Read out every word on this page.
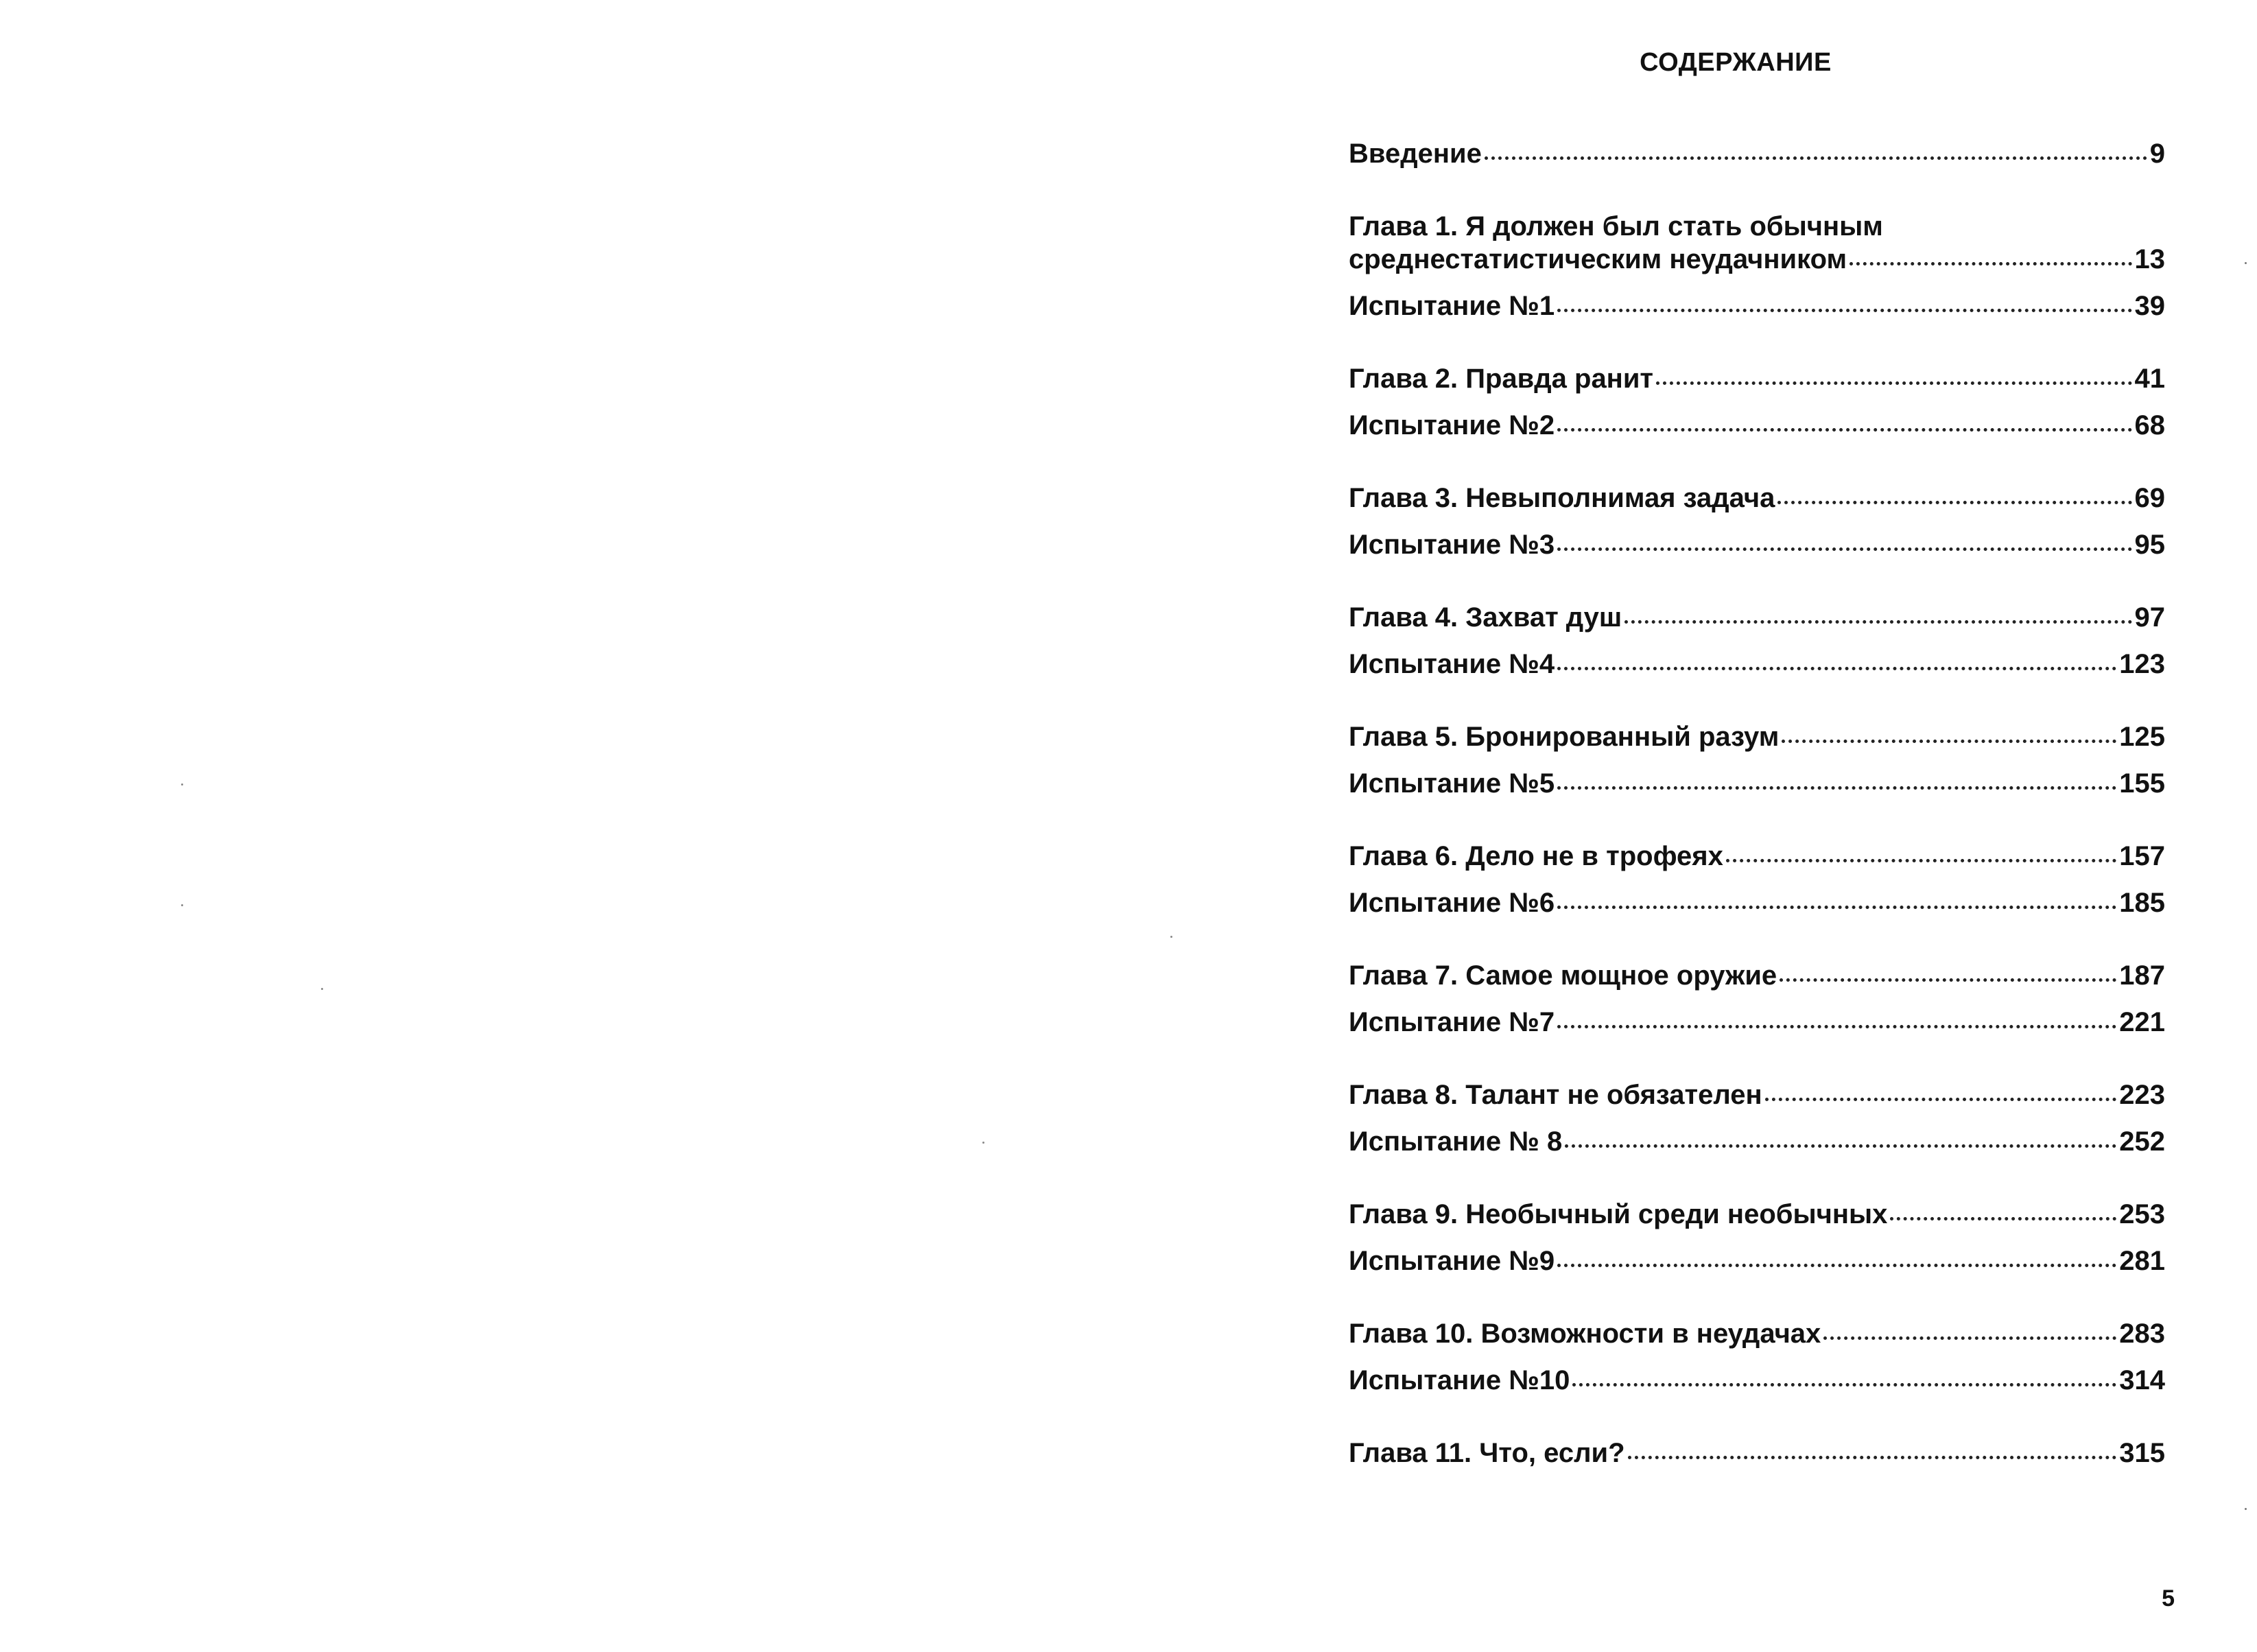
СОДЕРЖАНИЕ
Введение	9
Глава 1. Я должен был стать обычным
среднестатистическим неудачником	13
Испытание №1	39
Глава 2. Правда ранит	41
Испытание №2	68
Глава 3. Невыполнимая задача	69
Испытание №3	95
Глава 4. Захват душ	97
Испытание №4	123
Глава 5. Бронированный разум	125
Испытание №5	155
Глава 6. Дело не в трофеях	157
Испытание №6	185
Глава 7. Самое мощное оружие	187
Испытание №7	221
Глава 8. Талант не обязателен	223
Испытание № 8	252
Глава 9. Необычный среди необычных	253
Испытание №9	281
Глава 10. Возможности в неудачах	283
Испытание №10	314
Глава 11. Что, если?	315
5
